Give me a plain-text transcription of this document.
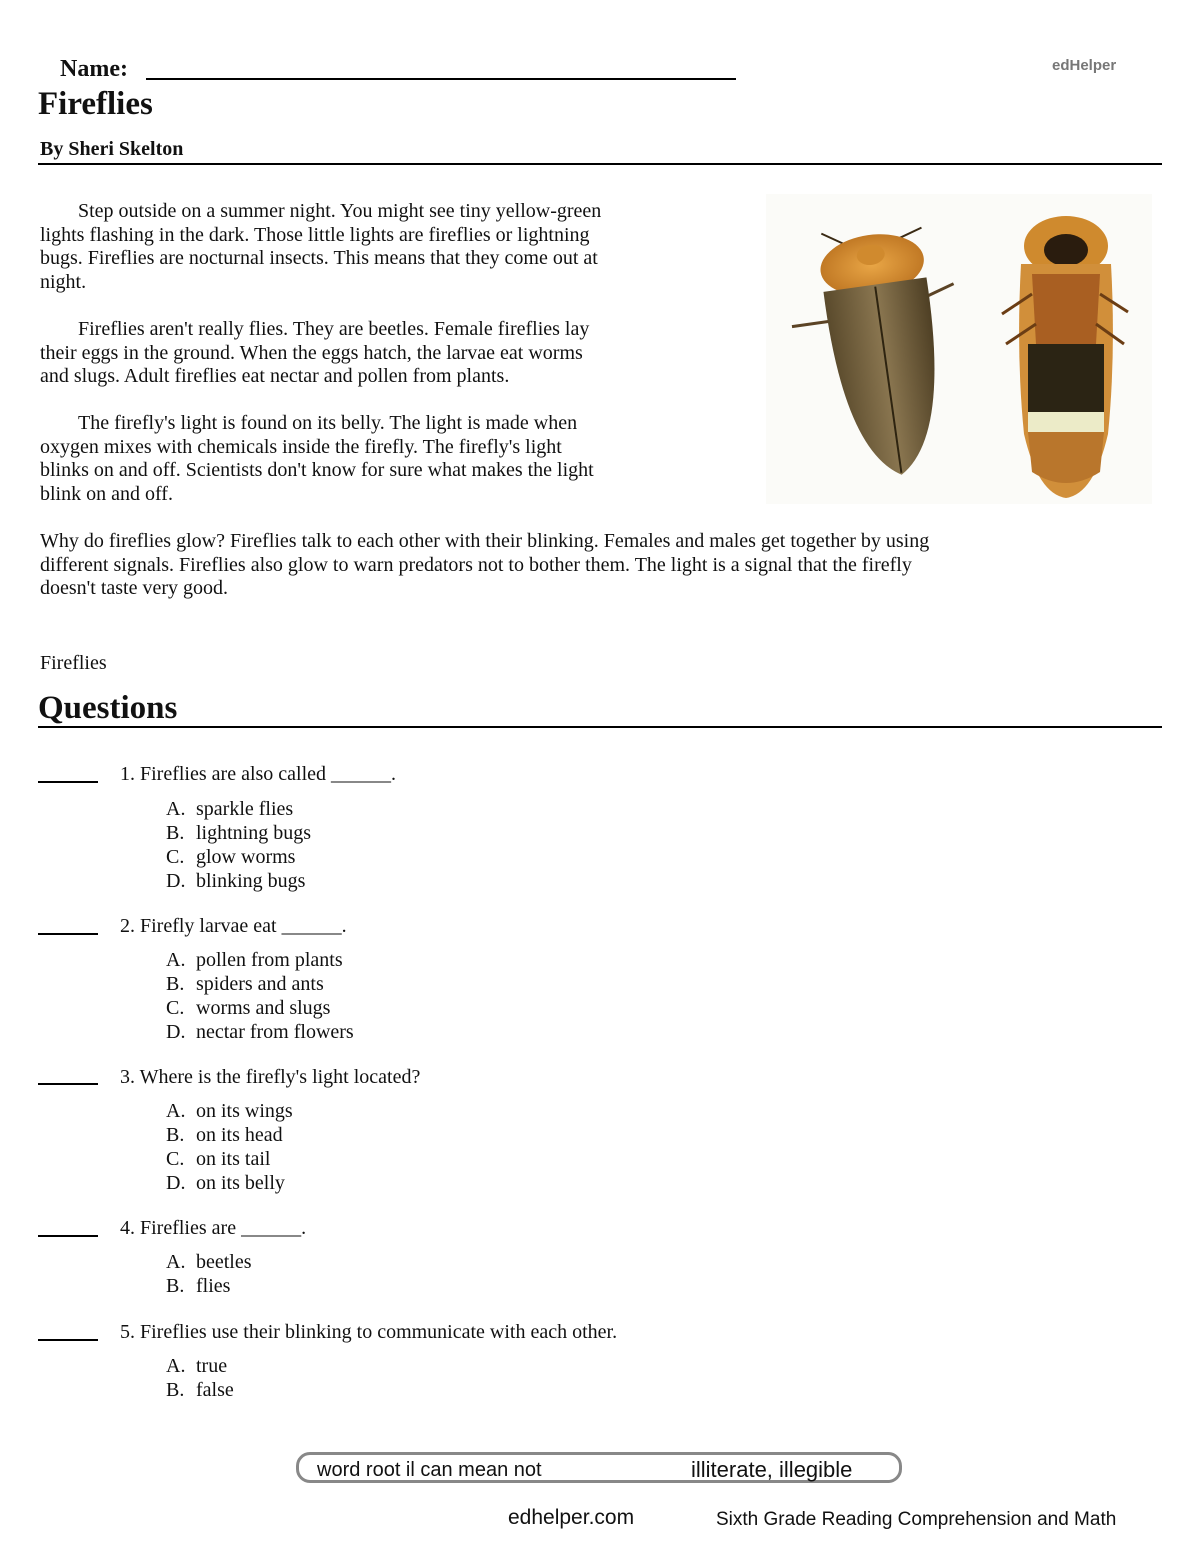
Name:	edHelper
Fireflies
By Sheri Skelton
Step outside on a summer night. You might see tiny yellow-green
lights flashing in the dark. Those little lights are fireflies or lightning
bugs. Fireflies are nocturnal insects. This means that they come out at
night.
Fireflies aren't really flies. They are beetles. Female fireflies lay
their eggs in the ground. When the eggs hatch, the larvae eat worms
and slugs. Adult fireflies eat nectar and pollen from plants.
The firefly's light is found on its belly. The light is made when
oxygen mixes with chemicals inside the firefly. The firefly's light
blinks on and off. Scientists don't know for sure what makes the light
blink on and off.
Why do fireflies glow? Fireflies talk to each other with their blinking. Females and males get together by using
different signals. Fireflies also glow to warn predators not to bother them. The light is a signal that the firefly
doesn't taste very good.
Fireflies
Questions
1. Fireflies are also called ______.
A. sparkle flies
B. lightning bugs
C. glow worms
D. blinking bugs
2. Firefly larvae eat ______.
A. pollen from plants
B. spiders and ants
C. worms and slugs
D. nectar from flowers
3. Where is the firefly's light located?
A. on its wings
B. on its head
C. on its tail
D. on its belly
4. Fireflies are ______.
A. beetles
B. flies
5. Fireflies use their blinking to communicate with each other.
A. true
B. false
word root il can mean not	illiterate, illegible
edhelper.com	Sixth Grade Reading Comprehension and Math
